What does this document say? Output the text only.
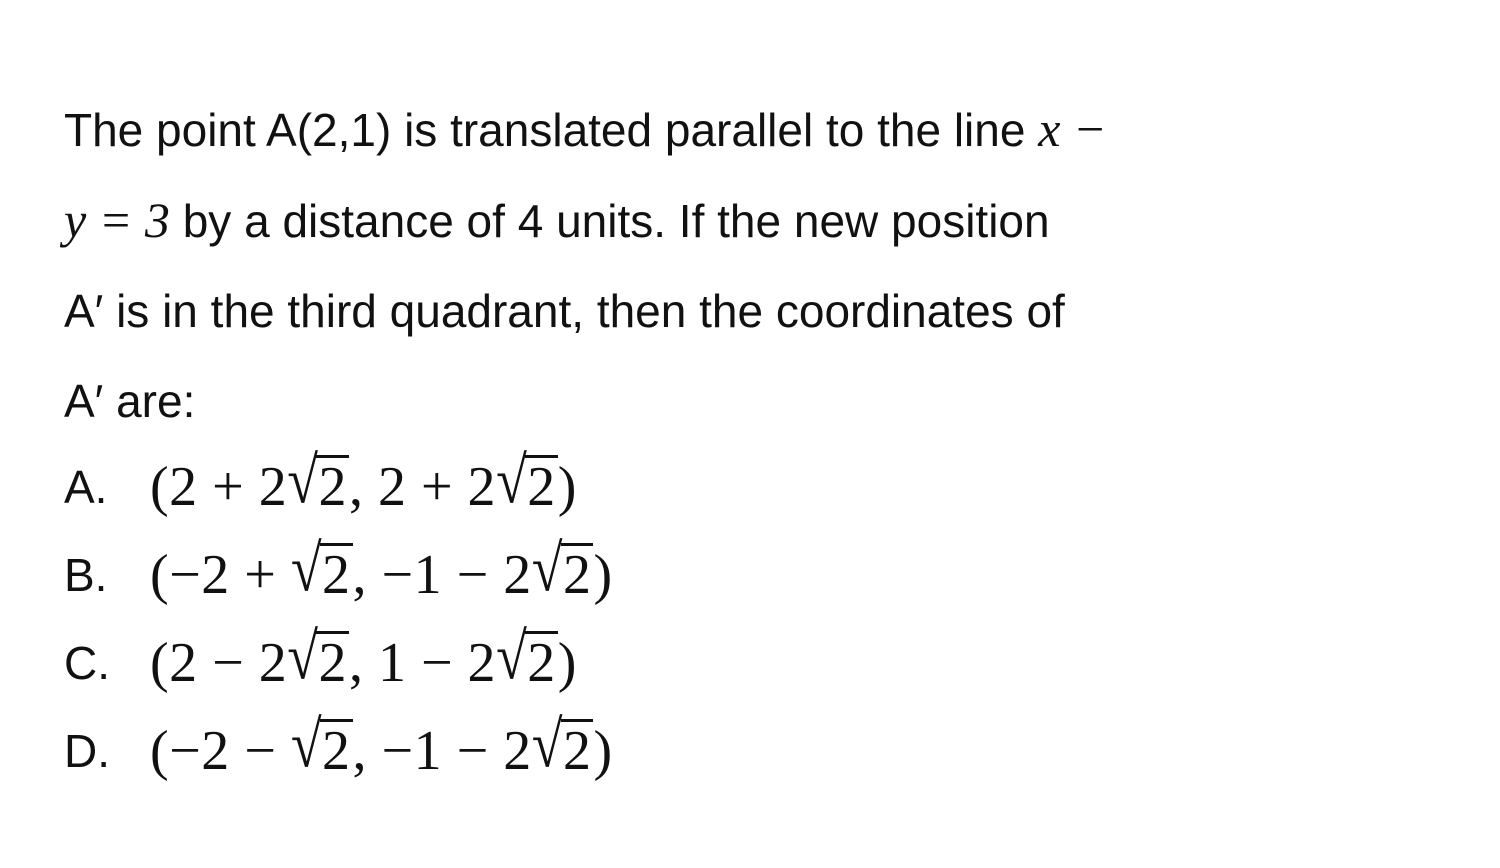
The point A(2,1) is translated parallel to the line x −
y = 3 by a distance of 4 units. If the new position
A′ is in the third quadrant, then the coordinates of
A′ are:
A. (2 + 2√2, 2 + 2√2)
B. (−2 + √2, −1 − 2√2)
C. (2 − 2√2, 1 − 2√2)
D. (−2 − √2, −1 − 2√2)
